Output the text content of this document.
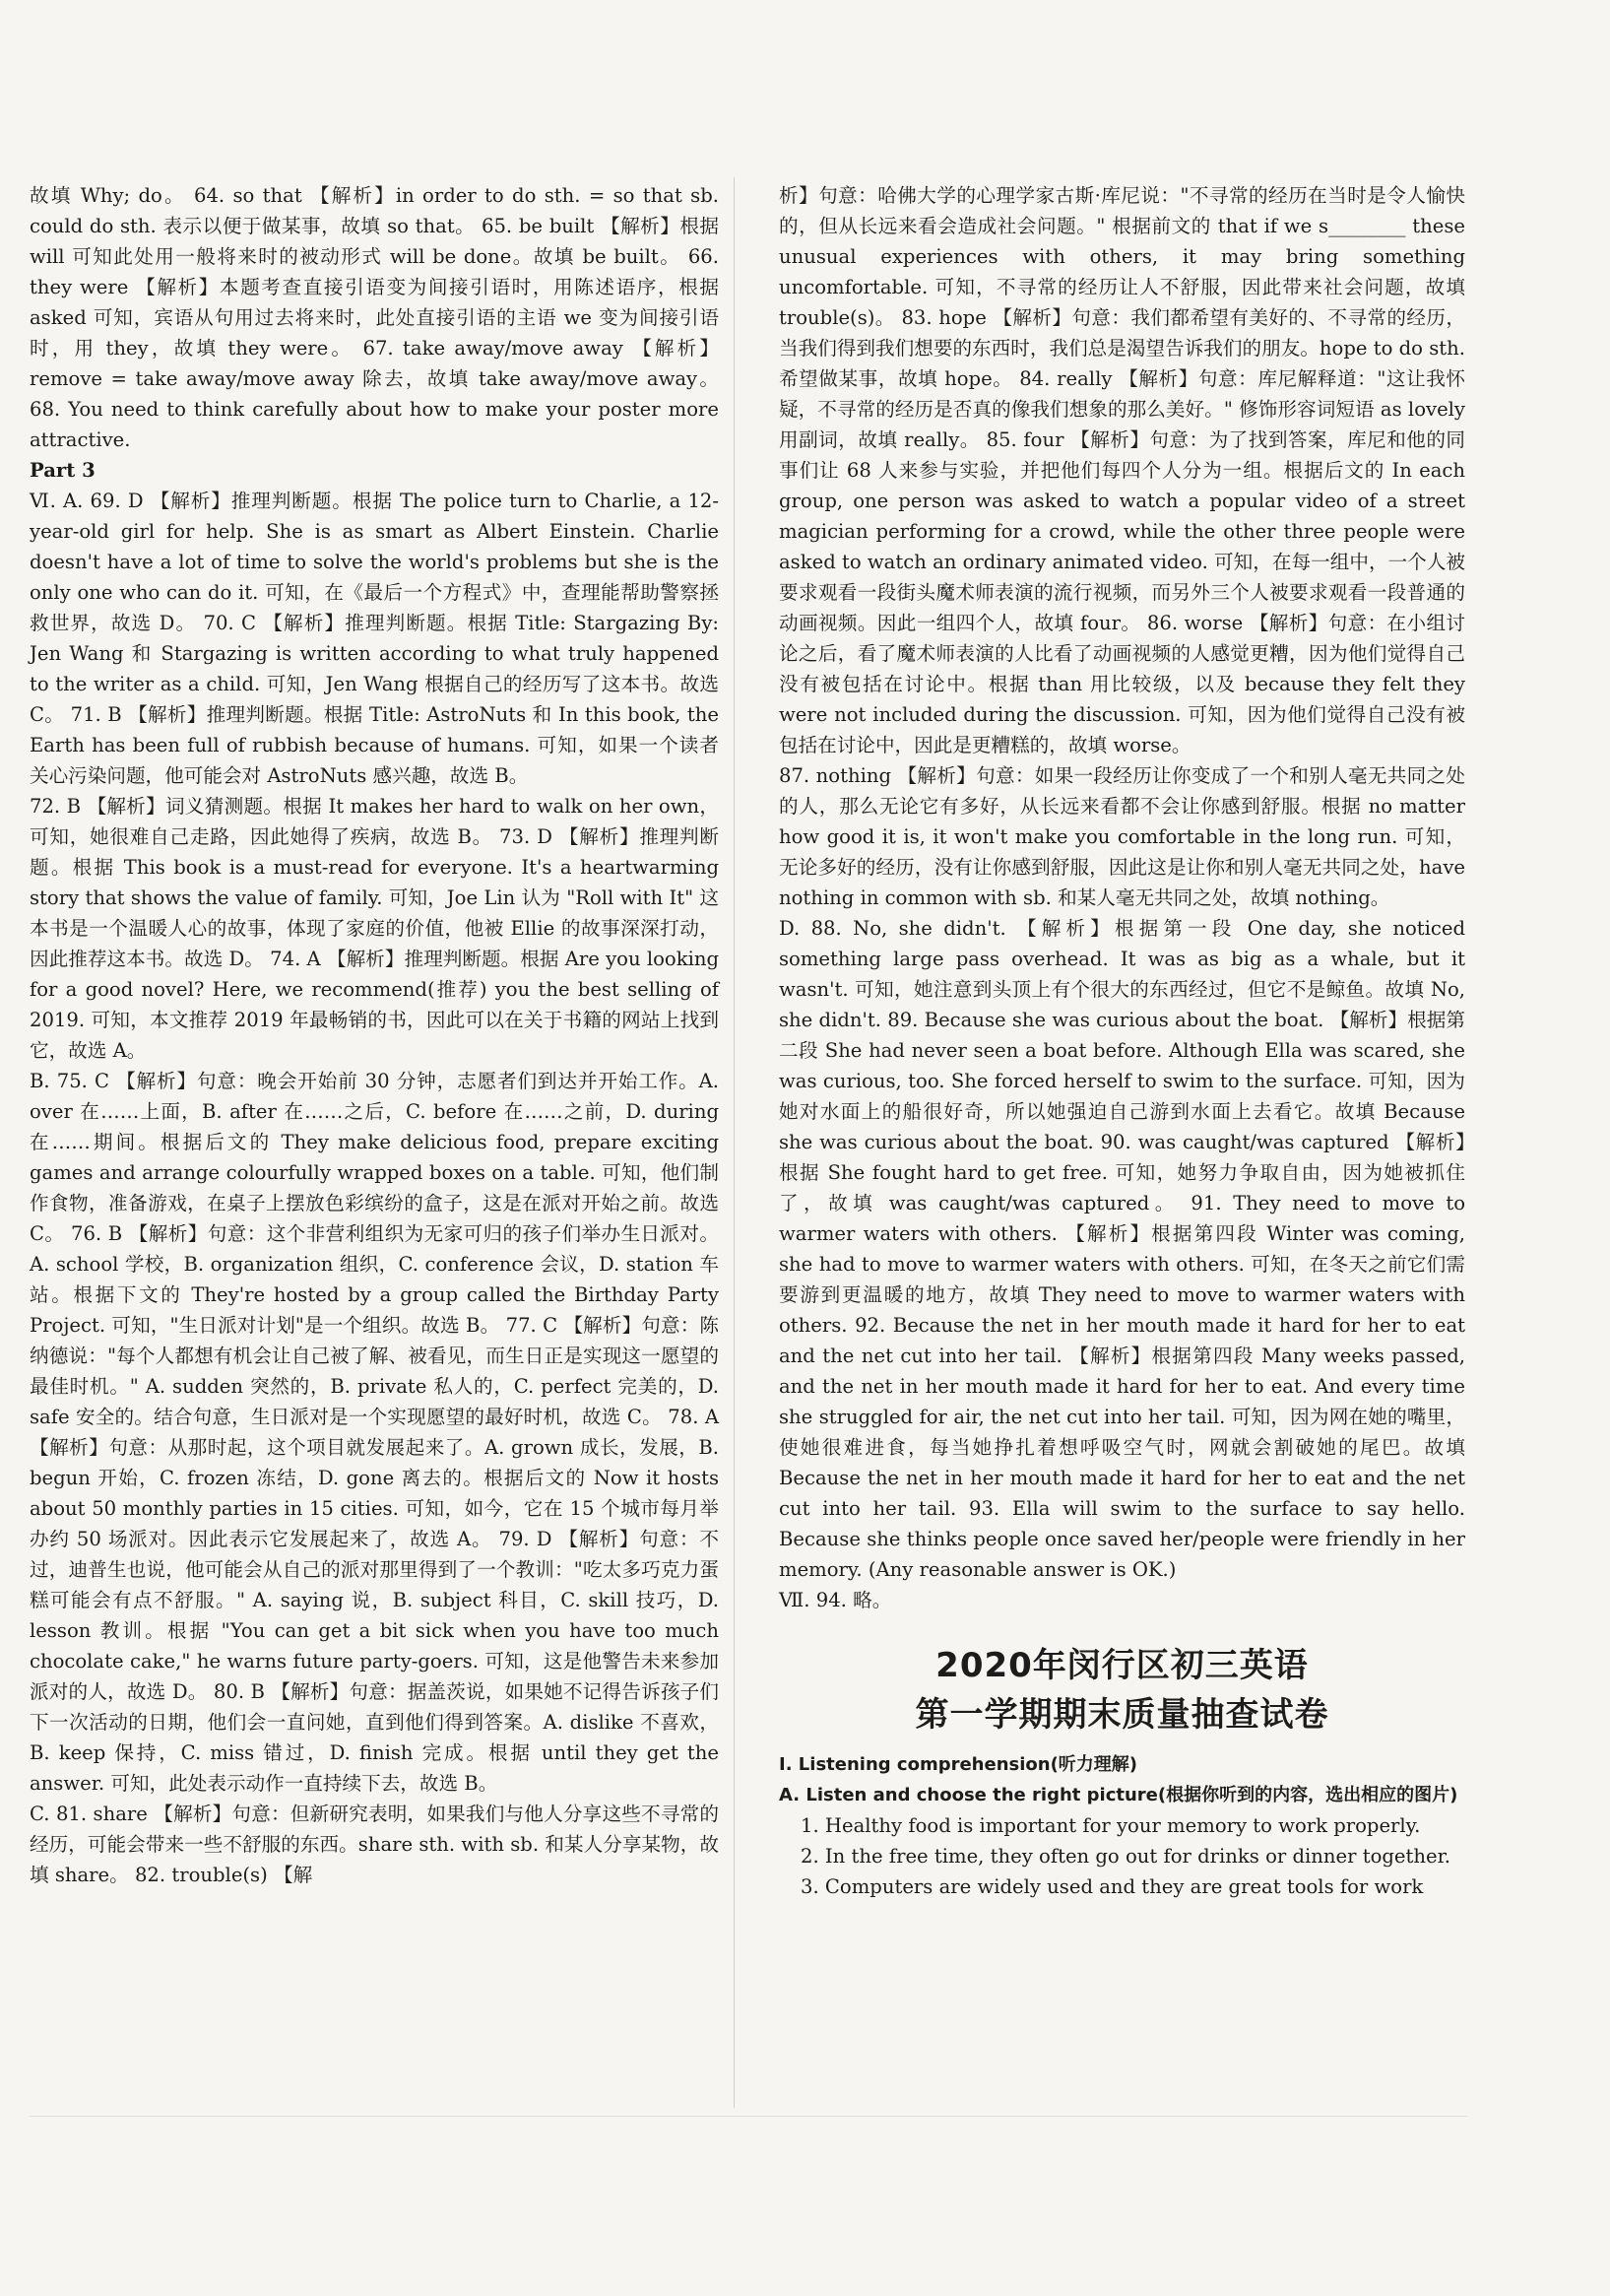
故填 Why; do。 64. so that 【解析】in order to do sth. = so that sb. could do sth. 表示以便于做某事，故填 so that。 65. be built 【解析】根据 will 可知此处用一般将来时的被动形式 will be done。故填 be built。 66. they were 【解析】本题考查直接引语变为间接引语时，用陈述语序，根据 asked 可知，宾语从句用过去将来时，此处直接引语的主语 we 变为间接引语时，用 they，故填 they were。 67. take away/move away 【解析】remove = take away/move away 除去，故填 take away/move away。 68. You need to think carefully about how to make your poster more attractive.

Part 3

Ⅵ. A. 69. D 【解析】推理判断题。根据 The police turn to Charlie, a 12-year-old girl for help. She is as smart as Albert Einstein. Charlie doesn't have a lot of time to solve the world's problems but she is the only one who can do it. 可知，在《最后一个方程式》中，查理能帮助警察拯救世界，故选 D。 70. C 【解析】推理判断题。根据 Title: Stargazing By: Jen Wang 和 Stargazing is written according to what truly happened to the writer as a child. 可知，Jen Wang 根据自己的经历写了这本书。故选 C。 71. B 【解析】推理判断题。根据 Title: AstroNuts 和 In this book, the Earth has been full of rubbish because of humans. 可知，如果一个读者关心污染问题，他可能会对 AstroNuts 感兴趣，故选 B。

72. B 【解析】词义猜测题。根据 It makes her hard to walk on her own，可知，她很难自己走路，因此她得了疾病，故选 B。 73. D 【解析】推理判断题。根据 This book is a must-read for everyone. It's a heartwarming story that shows the value of family. 可知，Joe Lin 认为 "Roll with It" 这本书是一个温暖人心的故事，体现了家庭的价值，他被 Ellie 的故事深深打动，因此推荐这本书。故选 D。 74. A 【解析】推理判断题。根据 Are you looking for a good novel? Here, we recommend(推荐) you the best selling of 2019. 可知，本文推荐 2019 年最畅销的书，因此可以在关于书籍的网站上找到它，故选 A。

B. 75. C 【解析】句意：晚会开始前 30 分钟，志愿者们到达并开始工作。A. over 在……上面，B. after 在……之后，C. before 在……之前，D. during 在……期间。根据后文的 They make delicious food, prepare exciting games and arrange colourfully wrapped boxes on a table. 可知，他们制作食物，准备游戏，在桌子上摆放色彩缤纷的盒子，这是在派对开始之前。故选 C。 76. B 【解析】句意：这个非营利组织为无家可归的孩子们举办生日派对。A. school 学校，B. organization 组织，C. conference 会议，D. station 车站。根据下文的 They're hosted by a group called the Birthday Party Project. 可知，"生日派对计划"是一个组织。故选 B。 77. C 【解析】句意：陈纳德说："每个人都想有机会让自己被了解、被看见，而生日正是实现这一愿望的最佳时机。" A. sudden 突然的，B. private 私人的，C. perfect 完美的，D. safe 安全的。结合句意，生日派对是一个实现愿望的最好时机，故选 C。 78. A 【解析】句意：从那时起，这个项目就发展起来了。A. grown 成长，发展，B. begun 开始，C. frozen 冻结，D. gone 离去的。根据后文的 Now it hosts about 50 monthly parties in 15 cities. 可知，如今，它在 15 个城市每月举办约 50 场派对。因此表示它发展起来了，故选 A。 79. D 【解析】句意：不过，迪普生也说，他可能会从自己的派对那里得到了一个教训："吃太多巧克力蛋糕可能会有点不舒服。" A. saying 说，B. subject 科目，C. skill 技巧，D. lesson 教训。根据 "You can get a bit sick when you have too much chocolate cake," he warns future party-goers. 可知，这是他警告未来参加派对的人，故选 D。 80. B 【解析】句意：据盖茨说，如果她不记得告诉孩子们下一次活动的日期，他们会一直问她，直到他们得到答案。A. dislike 不喜欢，B. keep 保持，C. miss 错过，D. finish 完成。根据 until they get the answer. 可知，此处表示动作一直持续下去，故选 B。

C. 81. share 【解析】句意：但新研究表明，如果我们与他人分享这些不寻常的经历，可能会带来一些不舒服的东西。share sth. with sb. 和某人分享某物，故填 share。 82. trouble(s) 【解

析】句意：哈佛大学的心理学家古斯·库尼说："不寻常的经历在当时是令人愉快的，但从长远来看会造成社会问题。" 根据前文的 that if we s________ these unusual experiences with others, it may bring something uncomfortable. 可知，不寻常的经历让人不舒服，因此带来社会问题，故填 trouble(s)。 83. hope 【解析】句意：我们都希望有美好的、不寻常的经历，当我们得到我们想要的东西时，我们总是渴望告诉我们的朋友。hope to do sth. 希望做某事，故填 hope。 84. really 【解析】句意：库尼解释道："这让我怀疑，不寻常的经历是否真的像我们想象的那么美好。" 修饰形容词短语 as lovely 用副词，故填 really。 85. four 【解析】句意：为了找到答案，库尼和他的同事们让 68 人来参与实验，并把他们每四个人分为一组。根据后文的 In each group, one person was asked to watch a popular video of a street magician performing for a crowd, while the other three people were asked to watch an ordinary animated video. 可知，在每一组中，一个人被要求观看一段街头魔术师表演的流行视频，而另外三个人被要求观看一段普通的动画视频。因此一组四个人，故填 four。 86. worse 【解析】句意：在小组讨论之后，看了魔术师表演的人比看了动画视频的人感觉更糟，因为他们觉得自己没有被包括在讨论中。根据 than 用比较级，以及 because they felt they were not included during the discussion. 可知，因为他们觉得自己没有被包括在讨论中，因此是更糟糕的，故填 worse。

87. nothing 【解析】句意：如果一段经历让你变成了一个和别人毫无共同之处的人，那么无论它有多好，从长远来看都不会让你感到舒服。根据 no matter how good it is, it won't make you comfortable in the long run. 可知，无论多好的经历，没有让你感到舒服，因此这是让你和别人毫无共同之处，have nothing in common with sb. 和某人毫无共同之处，故填 nothing。

D. 88. No, she didn't. 【解析】根据第一段 One day, she noticed something large pass overhead. It was as big as a whale, but it wasn't. 可知，她注意到头顶上有个很大的东西经过，但它不是鲸鱼。故填 No, she didn't. 89. Because she was curious about the boat. 【解析】根据第二段 She had never seen a boat before. Although Ella was scared, she was curious, too. She forced herself to swim to the surface. 可知，因为她对水面上的船很好奇，所以她强迫自己游到水面上去看它。故填 Because she was curious about the boat. 90. was caught/was captured 【解析】根据 She fought hard to get free. 可知，她努力争取自由，因为她被抓住了，故填 was caught/was captured。 91. They need to move to warmer waters with others. 【解析】根据第四段 Winter was coming, she had to move to warmer waters with others. 可知，在冬天之前它们需要游到更温暖的地方，故填 They need to move to warmer waters with others. 92. Because the net in her mouth made it hard for her to eat and the net cut into her tail. 【解析】根据第四段 Many weeks passed, and the net in her mouth made it hard for her to eat. And every time she struggled for air, the net cut into her tail. 可知，因为网在她的嘴里，使她很难进食，每当她挣扎着想呼吸空气时，网就会割破她的尾巴。故填 Because the net in her mouth made it hard for her to eat and the net cut into her tail. 93. Ella will swim to the surface to say hello. Because she thinks people once saved her/people were friendly in her memory. (Any reasonable answer is OK.)

Ⅶ. 94. 略。

2020年闵行区初三英语
第一学期期末质量抽查试卷

Ⅰ. Listening comprehension(听力理解)

A. Listen and choose the right picture(根据你听到的内容，选出相应的图片)

1. Healthy food is important for your memory to work properly.

2. In the free time, they often go out for drinks or dinner together.

3. Computers are widely used and they are great tools for work
